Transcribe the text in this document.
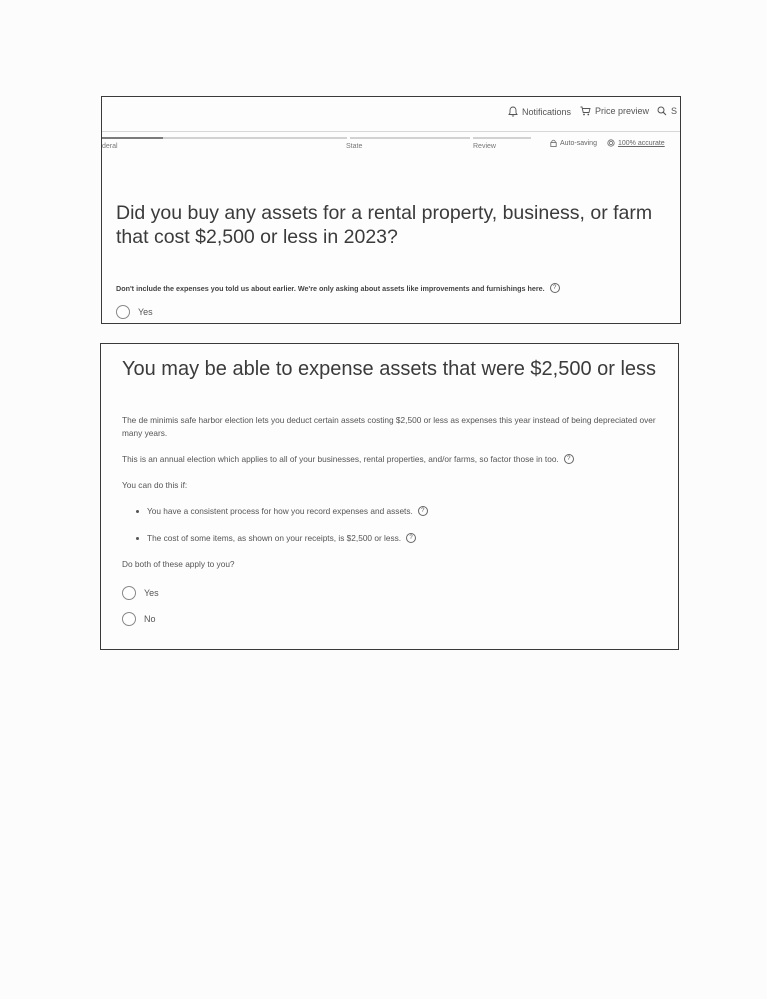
Notifications	Price preview S
deral	State	Review	Auto-saving	100% accurate
Did you buy any assets for a rental property, business, or farm that cost $2,500 or less in 2023?
Don't include the expenses you told us about earlier. We're only asking about assets like improvements and furnishings here.	?
Yes
You may be able to expense assets that were $2,500 or less

The de minimis safe harbor election lets you deduct certain assets costing $2,500 or less as expenses this year instead of being depreciated over many years.

This is an annual election which applies to all of your businesses, rental properties, and/or farms, so factor those in too.	?

You can do this if:

You have a consistent process for how you record expenses and assets.	?
The cost of some items, as shown on your receipts, is $2,500 or less.	?

Do both of these apply to you?

Yes
No
